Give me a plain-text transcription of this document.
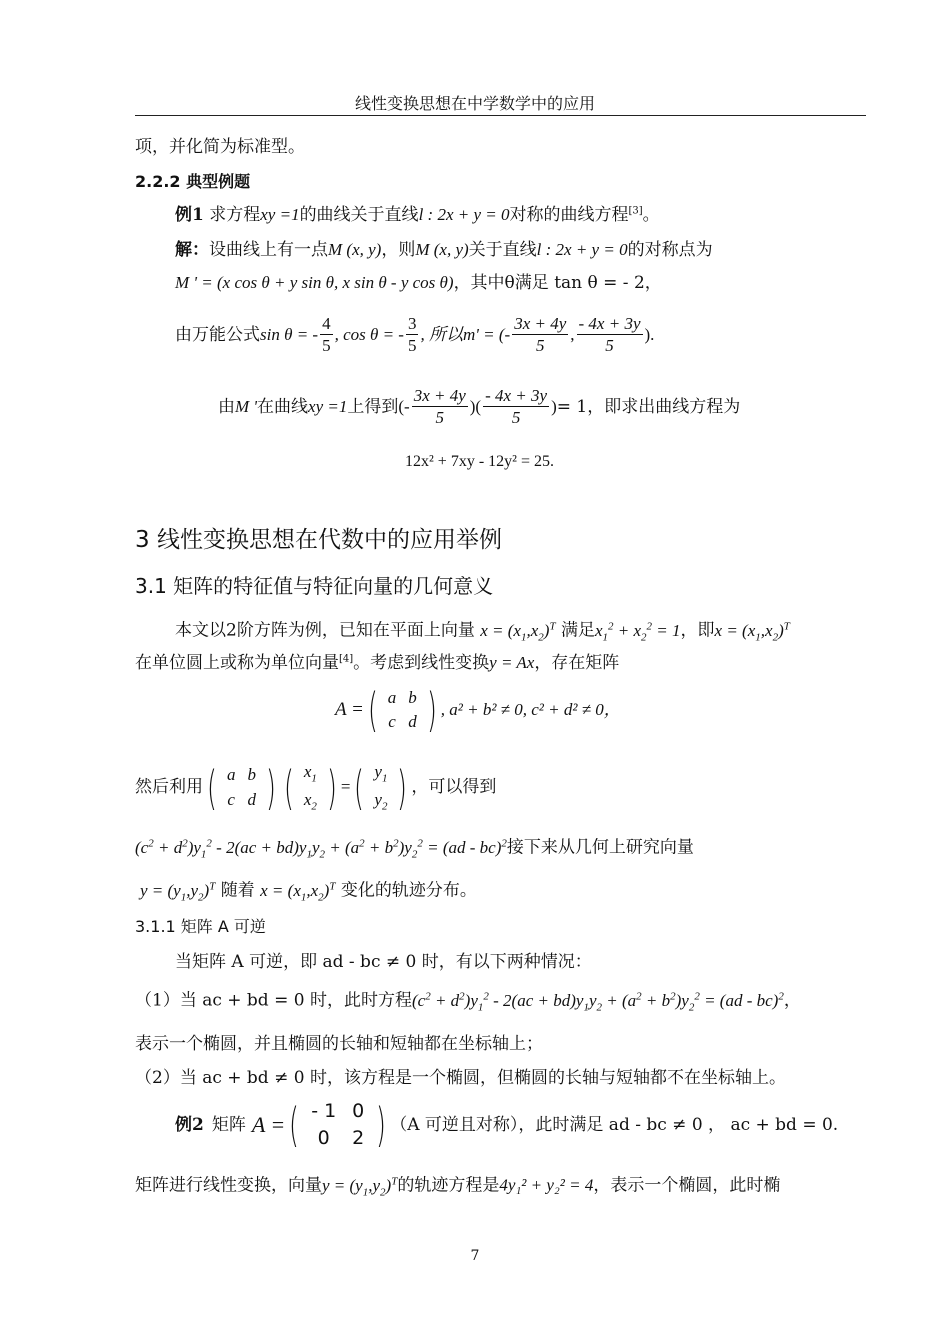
线性变换思想在中学数学中的应用
项，并化简为标准型。
2.2.2 典型例题
例1 求方程xy =1的曲线关于直线l : 2x + y = 0对称的曲线方程[3]。
解：设曲线上有一点M (x, y)，则M (x, y)关于直线l : 2x + y = 0的对称点为
M ' = (x cos θ + y sin θ, x sin θ - y cos θ)，其中θ满足 tan θ = - 2，
由万能公式 sin θ = - $\frac{4}{5}$ , cos θ = - $\frac{3}{5}$ , 所以m' = (- $\frac{3x + 4y}{5}$ , $\frac{- 4x + 3y}{5}$ ).
由 M ' 在曲线 xy =1 上得到 (- $\frac{3x + 4y}{5}$ )( $\frac{- 4x + 3y}{5}$ ) = 1，即求出曲线方程为
12x² + 7xy - 12y² = 25.
3 线性变换思想在代数中的应用举例
3.1 矩阵的特征值与特征向量的几何意义
本文以2阶方阵为例，已知在平面上向量 $x = (x_1,x_2)^T$ 满足$x_1^2 + x_2^2 = 1$，即$x = (x_1,x_2)^T$
在单位圆上或称为单位向量[4]。考虑到线性变换y = Ax，存在矩阵
A = ( a	b
c	d ) , a² + b² ≠ 0, c² + d² ≠ 0，
然后利用 ( a	b
c	d ) ( $x_1$
$x_2$ ) = ( $y_1$
$y_2$ ) ，可以得到
$(c^2 + d^2)y_1^2 - 2(ac + bd)y_1y_2 + (a^2 + b^2)y_2^2 = (ad - bc)^2$接下来从几何上研究向量
$y = (y_1,y_2)^T$ 随着 $x = (x_1,x_2)^T$ 变化的轨迹分布。
3.1.1 矩阵 A 可逆
当矩阵 A 可逆，即 ad - bc ≠ 0 时，有以下两种情况：
（1）当 ac + bd = 0 时，此时方程$(c^2 + d^2)y_1^2 - 2(ac + bd)y_1y_2 + (a^2 + b^2)y_2^2 = (ad - bc)^2$，
表示一个椭圆，并且椭圆的长轴和短轴都在坐标轴上；
（2）当 ac + bd ≠ 0 时，该方程是一个椭圆，但椭圆的长轴与短轴都不在坐标轴上。
例2 矩阵 A = ( - 1	0
0	2 ) （A 可逆且对称），此时满足 ad - bc ≠ 0 ， ac + bd = 0.
矩阵进行线性变换，向量$y = (y_1,y_2)^T$的轨迹方程是4y₁² + y₂² = 4，表示一个椭圆，此时椭
7
